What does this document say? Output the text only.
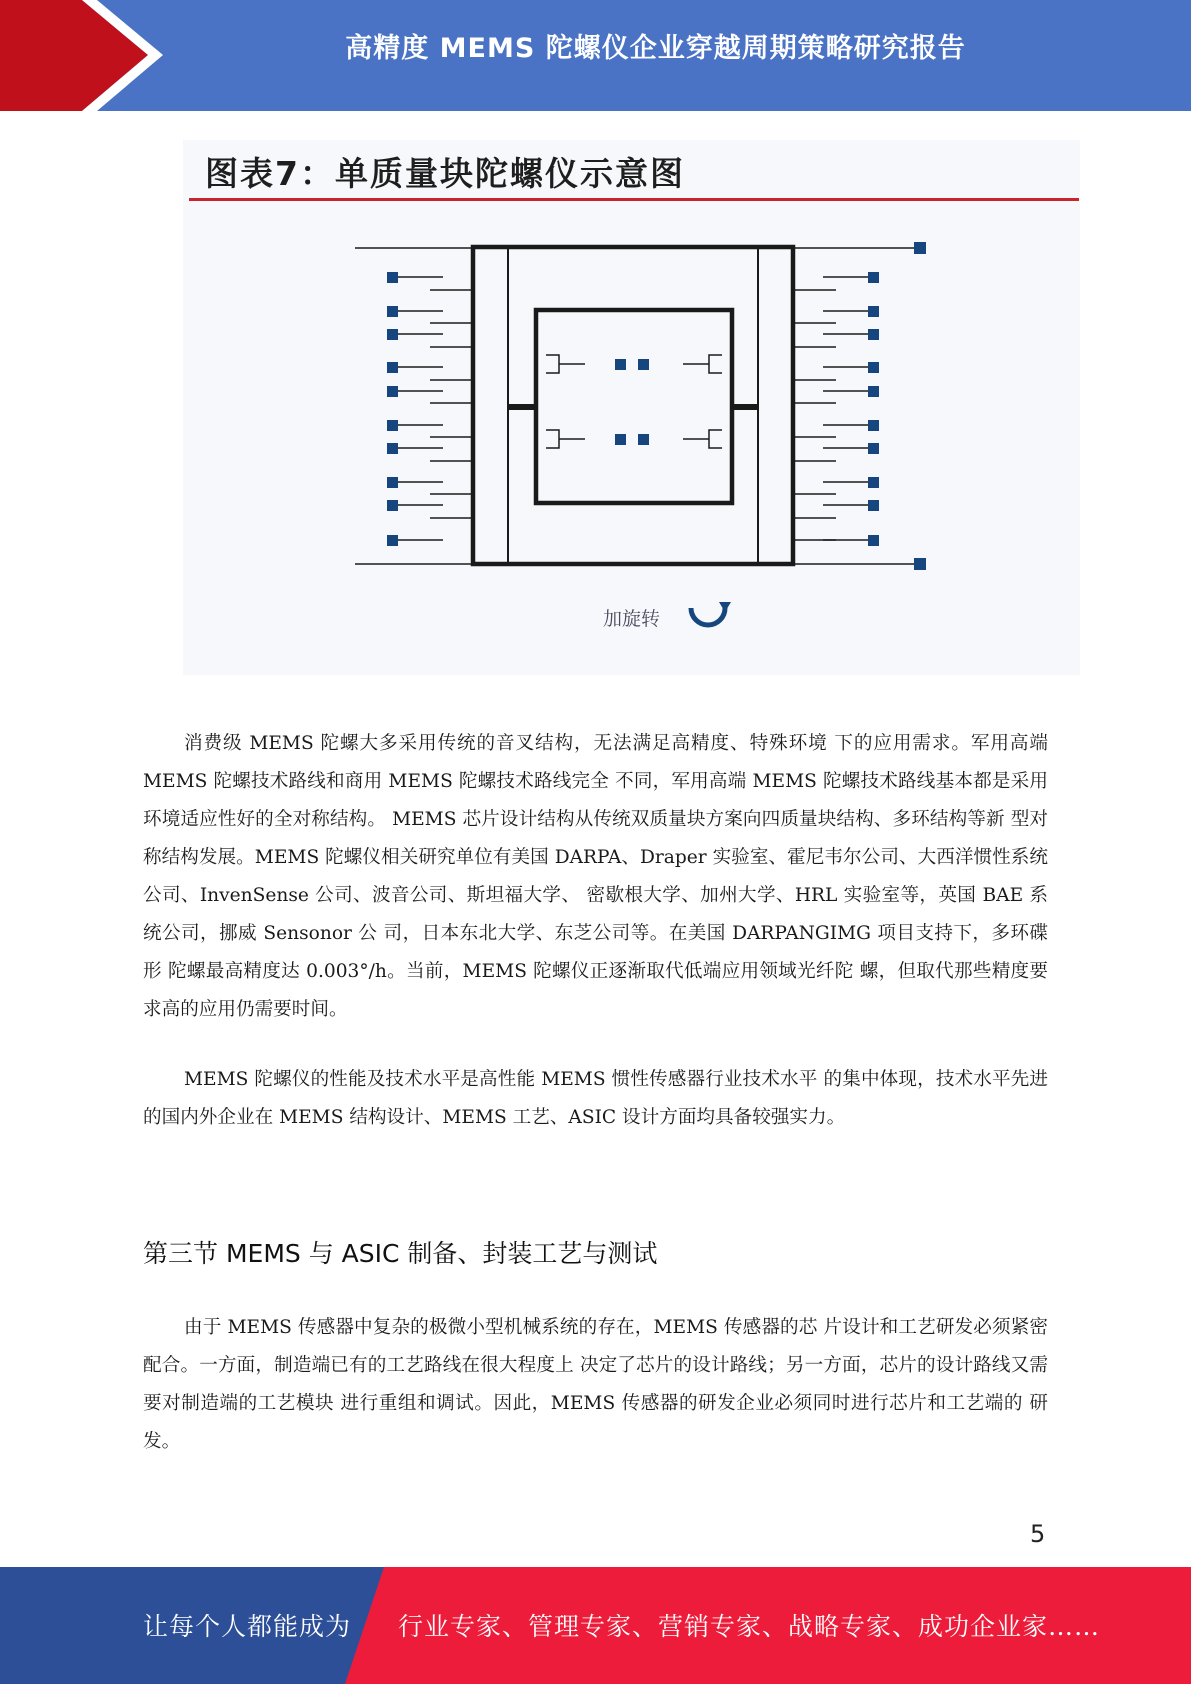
高精度 MEMS 陀螺仪企业穿越周期策略研究报告
图表7：单质量块陀螺仪示意图
加旋转

消费级 MEMS 陀螺大多采用传统的音叉结构，无法满足高精度、特殊环境 下的应用需求。军用高端 MEMS 陀螺技术路线和商用 MEMS 陀螺技术路线完全 不同，军用高端 MEMS 陀螺技术路线基本都是采用环境适应性好的全对称结构。 MEMS 芯片设计结构从传统双质量块方案向四质量块结构、多环结构等新 型对称结构发展。MEMS 陀螺仪相关研究单位有美国 DARPA、Draper 实验室、霍尼韦尔公司、大西洋惯性系统公司、InvenSense 公司、波音公司、斯坦福大学、 密歇根大学、加州大学、HRL 实验室等，英国 BAE 系统公司，挪威 Sensonor 公 司，日本东北大学、东芝公司等。在美国 DARPANGIMG 项目支持下，多环碟形 陀螺最高精度达 0.003°/h。当前，MEMS 陀螺仪正逐渐取代低端应用领域光纤陀 螺，但取代那些精度要求高的应用仍需要时间。

MEMS 陀螺仪的性能及技术水平是高性能 MEMS 惯性传感器行业技术水平 的集中体现，技术水平先进的国内外企业在 MEMS 结构设计、MEMS 工艺、ASIC 设计方面均具备较强实力。

第三节 MEMS 与 ASIC 制备、封装工艺与测试

由于 MEMS 传感器中复杂的极微小型机械系统的存在，MEMS 传感器的芯 片设计和工艺研发必须紧密配合。一方面，制造端已有的工艺路线在很大程度上 决定了芯片的设计路线；另一方面，芯片的设计路线又需要对制造端的工艺模块 进行重组和调试。因此，MEMS 传感器的研发企业必须同时进行芯片和工艺端的 研发。

5
让每个人都能成为 行业专家、管理专家、营销专家、战略专家、成功企业家……
